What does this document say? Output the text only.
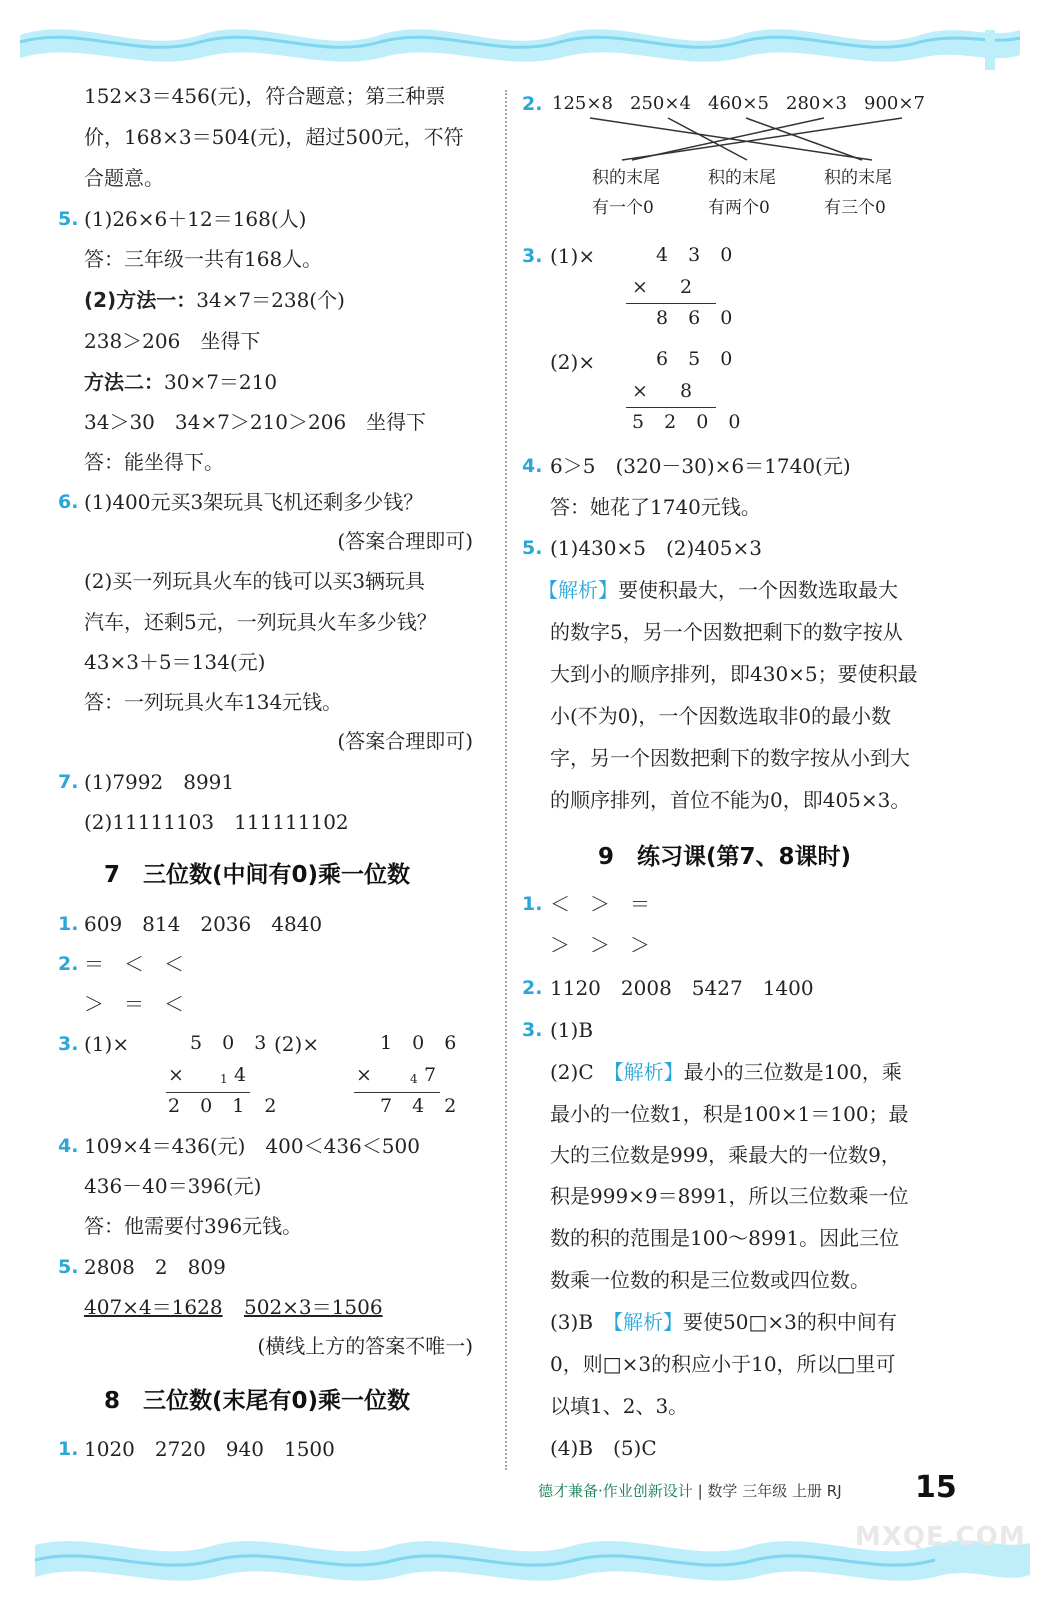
152×3＝456(元)，符合题意；第三种票
价，168×3＝504(元)，超过500元，不符
合题意。
5. (1)26×6＋12＝168(人)
答：三年级一共有168人。
(2)方法一：34×7＝238(个)
238＞206　坐得下
方法二：30×7＝210
34＞30　34×7＞210＞206　坐得下
答：能坐得下。
6. (1)400元买3架玩具飞机还剩多少钱？
(答案合理即可)
(2)买一列玩具火车的钱可以买3辆玩具
汽车，还剩5元，一列玩具火车多少钱？
43×3＋5＝134(元)
答：一列玩具火车134元钱。
(答案合理即可)
7. (1)7992　8991
(2)11111103　111111102
7　三位数(中间有0)乘一位数
1. 609　814　2036　4840
2. ＝　＜　＜
＞　＝　＜
3. (1)×	5 0 3
× 1 4
2 0 1 2
(2)×	1 0 6
×	4 7
7 4 2
4. 109×4＝436(元)　400＜436＜500
436－40＝396(元)
答：他需要付396元钱。
5. 2808　2　809
407×4＝1628 502×3＝1506
(横线上方的答案不唯一)
8　三位数(末尾有0)乘一位数
1. 1020　2720　940　1500
2. 125×8 250×4 460×5 280×3 900×7
积的末尾
有一个0
积的末尾
有两个0
积的末尾
有三个0
3. (1)×	4 3 0
× 2
8 6 0
(2)×	6 5 0
× 8
5 2 0 0
4. 6＞5　(320－30)×6＝1740(元)
答：她花了1740元钱。
5. (1)430×5　(2)405×3
【解析】要使积最大，一个因数选取最大
的数字5，另一个因数把剩下的数字按从
大到小的顺序排列，即430×5；要使积最
小(不为0)，一个因数选取非0的最小数
字，另一个因数把剩下的数字按从小到大
的顺序排列，首位不能为0，即405×3。
9　练习课(第7、8课时)
1. ＜　＞　＝
＞　＞　＞
2. 1120　2008　5427　1400
3. (1)B
(2)C　 【解析】最小的三位数是100，乘
最小的一位数1，积是100×1＝100；最
大的三位数是999，乘最大的一位数9，
积是999×9＝8991，所以三位数乘一位
数的积的范围是100～8991。因此三位
数乘一位数的积是三位数或四位数。
(3)B　 【解析】要使50□×3的积中间有
0，则□×3的积应小于10，所以□里可
以填1、2、3。
(4)B　(5)C
德才兼备·作业创新设计 | 数学 三年级 上册 RJ 15
MXQE.COM
